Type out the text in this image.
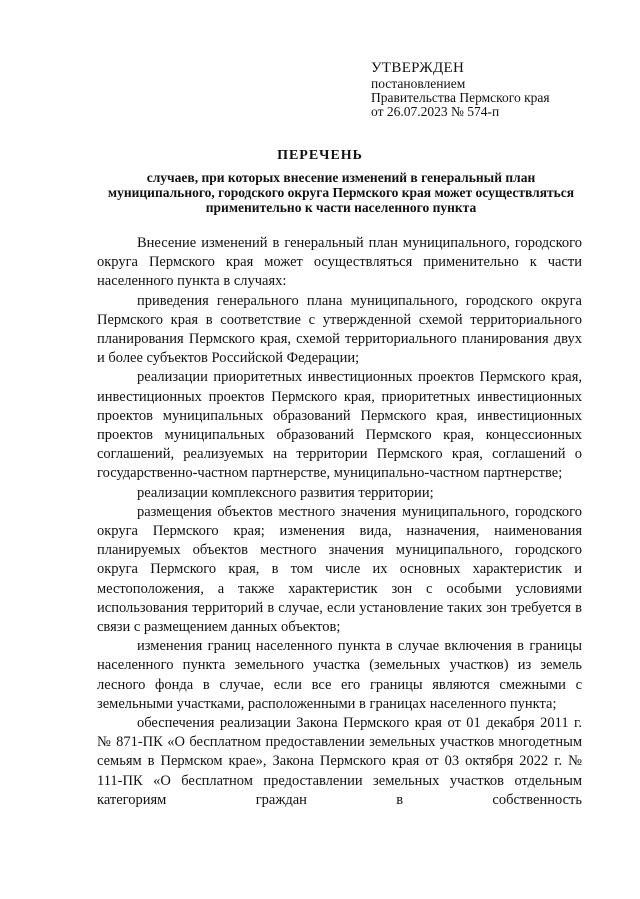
УТВЕРЖДЕН
постановлением
Правительства Пермского края
от 26.07.2023 № 574-п
ПЕРЕЧЕНЬ
случаев, при которых внесение изменений в генеральный план муниципального, городского округа Пермского края может осуществляться применительно к части населенного пункта

Внесение изменений в генеральный план муниципального, городского округа Пермского края может осуществляться применительно к части населенного пункта в случаях:

приведения генерального плана муниципального, городского округа Пермского края в соответствие с утвержденной схемой территориального планирования Пермского края, схемой территориального планирования двух и более субъектов Российской Федерации;

реализации приоритетных инвестиционных проектов Пермского края, инвестиционных проектов Пермского края, приоритетных инвестиционных проектов муниципальных образований Пермского края, инвестиционных проектов муниципальных образований Пермского края, концессионных соглашений, реализуемых на территории Пермского края, соглашений о государственно-частном партнерстве, муниципально-частном партнерстве;

реализации комплексного развития территории;

размещения объектов местного значения муниципального, городского округа Пермского края; изменения вида, назначения, наименования планируемых объектов местного значения муниципального, городского округа Пермского края, в том числе их основных характеристик и местоположения, а также характеристик зон с особыми условиями использования территорий в случае, если установление таких зон требуется в связи с размещением данных объектов;

изменения границ населенного пункта в случае включения в границы населенного пункта земельного участка (земельных участков) из земель лесного фонда в случае, если все его границы являются смежными с земельными участками, расположенными в границах населенного пункта;

обеспечения реализации Закона Пермского края от 01 декабря 2011 г. № 871-ПК «О бесплатном предоставлении земельных участков многодетным семьям в Пермском крае», Закона Пермского края от 03 октября 2022 г. № 111-ПК «О бесплатном предоставлении земельных участков отдельным категориям граждан в собственность
